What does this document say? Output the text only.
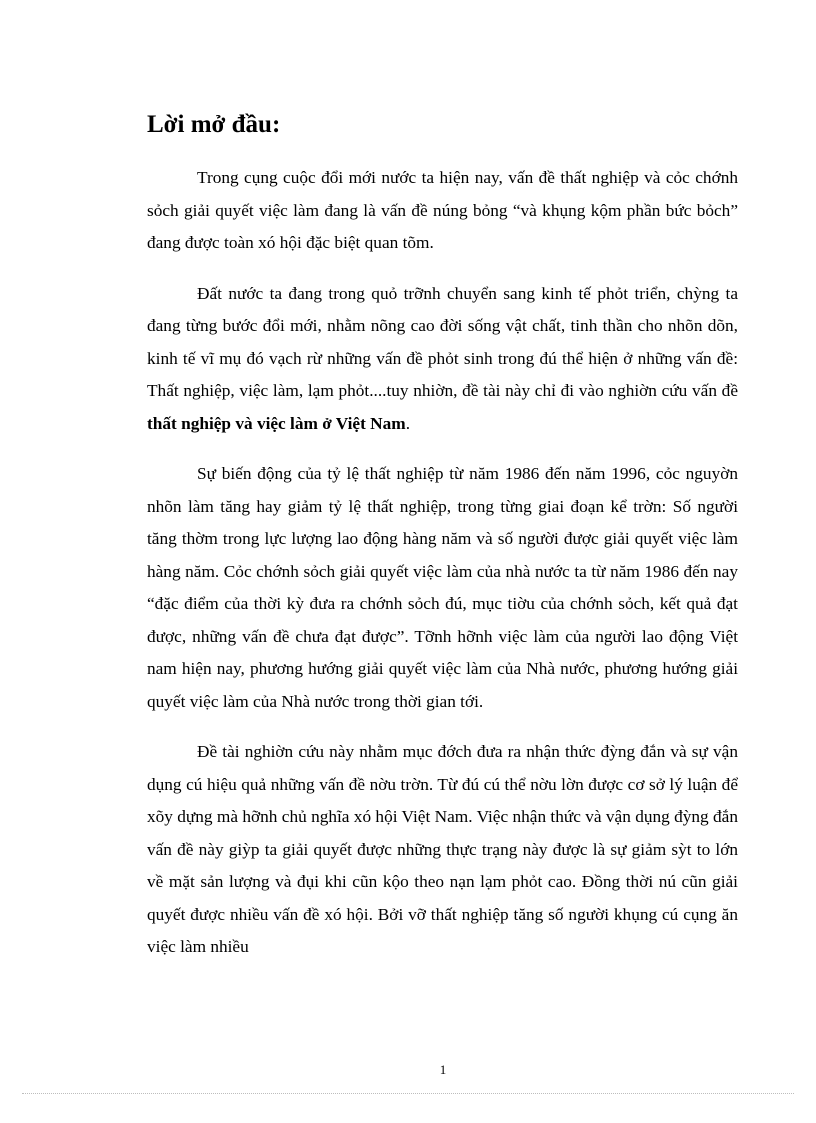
Lời mở đầu:

Trong cụng cuộc đổi mới nước ta hiện nay, vấn đề thất nghiệp và cỏc chớnh sỏch giải quyết việc làm đang là vấn đề núng bỏng “và khụng kộm phần bức bỏch” đang được toàn xó hội đặc biệt quan tõm.

Đất nước ta đang trong quỏ trỡnh chuyển sang kinh tế phỏt triển, chỳng ta đang từng bước đổi mới, nhằm nõng cao đời sống vật chất, tinh thần cho nhõn dõn, kinh tế vĩ mụ đó vạch rừ những vấn đề phỏt sinh trong đú thể hiện ở những vấn đề: Thất nghiệp, việc làm, lạm phỏt....tuy nhiờn, đề tài này chỉ đi vào nghiờn cứu vấn đề thất nghiệp và việc làm ở Việt Nam.

Sự biến động của tỷ lệ thất nghiệp từ năm 1986 đến năm 1996, cỏc nguyờn nhõn làm tăng hay giảm tỷ lệ thất nghiệp, trong từng giai đoạn kể trờn: Số người tăng thờm trong lực lượng lao động hàng năm và số người được giải quyết việc làm hàng năm. Cỏc chớnh sỏch giải quyết việc làm của nhà nước ta từ năm 1986 đến nay “đặc điểm của thời kỳ đưa ra chớnh sỏch đú, mục tiờu của chớnh sỏch, kết quả đạt được, những vấn đề chưa đạt được”. Tỡnh hỡnh việc làm của người lao động Việt nam hiện nay, phương hướng giải quyết việc làm của Nhà nước, phương hướng giải quyết việc làm của Nhà nước trong thời gian tới.

Đề tài nghiờn cứu này nhằm mục đớch đưa ra nhận thức đỳng đắn và sự vận dụng cú hiệu quả những vấn đề nờu trờn. Từ đú cú thể nờu lờn được cơ sở lý luận để xõy dựng mà hỡnh chủ nghĩa xó hội Việt Nam. Việc nhận thức và vận dụng đỳng đắn vấn đề này giỳp ta giải quyết được những thực trạng này được là sự giảm sỳt to lớn về mặt sản lượng và đụi khi cũn kộo theo nạn lạm phỏt cao. Đồng thời nú cũn giải quyết được nhiều vấn đề xó hội. Bởi vỡ thất nghiệp tăng số người khụng cú cụng ăn việc làm nhiều

1
